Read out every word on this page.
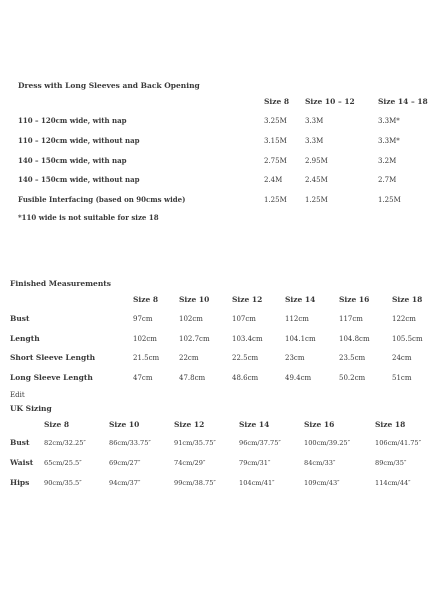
Dress with Long Sleeves and Back Opening
Size 8 Size 10 – 12	Size 14 – 18
110 – 120cm wide, with nap	3.25M	3.3M	3.3M*
110 – 120cm wide, without nap	3.15M	3.3M	3.3M*
140 – 150cm wide, with nap	2.75M	2.95M	3.2M
140 – 150cm wide, without nap	2.4M	2.45M	2.7M
Fusible Interfacing (based on 90cms wide)	1.25M	1.25M	1.25M
*110 wide is not suitable for size 18
Finished Measurements
Size 8	Size 10	Size 12	Size 14	Size 16	Size 18
Bust	97cm	102cm	107cm	112cm	117cm	122cm
Length	102cm	102.7cm	103.4cm	104.1cm	104.8cm	105.5cm
Short Sleeve Length	21.5cm	22cm	22.5cm	23cm	23.5cm	24cm
Long Sleeve Length	47cm	47.8cm	48.6cm	49.4cm	50.2cm	51cm
Edit
UK Sizing
Size 8	Size 10	Size 12	Size 14	Size 16	Size 18
Bust 82cm/32.25″	86cm/33.75″	91cm/35.75″	96cm/37.75″	100cm/39.25″	106cm/41.75″
Waist 65cm/25.5″	69cm/27″	74cm/29″	79cm/31″	84cm/33″	89cm/35″
Hips 90cm/35.5″	94cm/37″	99cm/38.75″	104cm/41″	109cm/43″	114cm/44″
